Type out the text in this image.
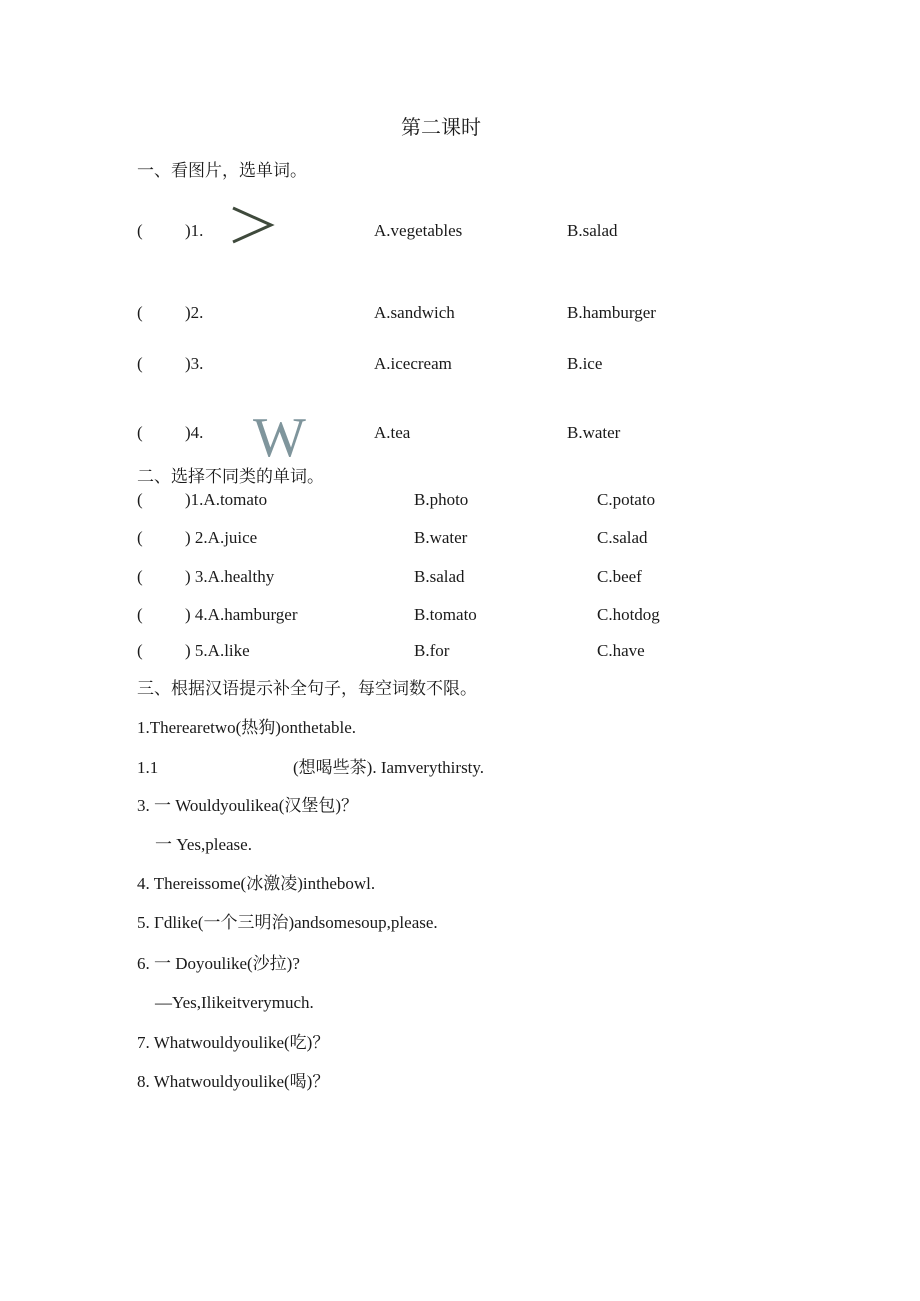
第二课时
一、看图片，选单词。
( )1.	A.vegetables	B.salad
( )2.	A.sandwich	B.hamburger
( )3.	A.icecream	B.ice
( )4. W	A.tea	B.water
二、选择不同类的单词。
( )1.A.tomato	B.photo	C.potato
( ) 2.A.juice	B.water	C.salad
( ) 3.A.healthy	B.salad	C.beef
( ) 4.A.hamburger	B.tomato	C.hotdog
( ) 5.A.like	B.for	C.have
三、根据汉语提示补全句子，每空词数不限。
1.Therearetwo(热狗)onthetable.
1.1	(想喝些茶). Iamverythirsty.
3. 一 Wouldyoulikea(汉堡包)？
一 Yes,please.
4. Thereissome(冰激凌)inthebowl.
5. Γdlike(一个三明治)andsomesoup,please.
6. 一 Doyoulike(沙拉)?
—Yes,Ilikeitverymuch.
7. Whatwouldyoulike(吃)？
8. Whatwouldyoulike(喝)？
